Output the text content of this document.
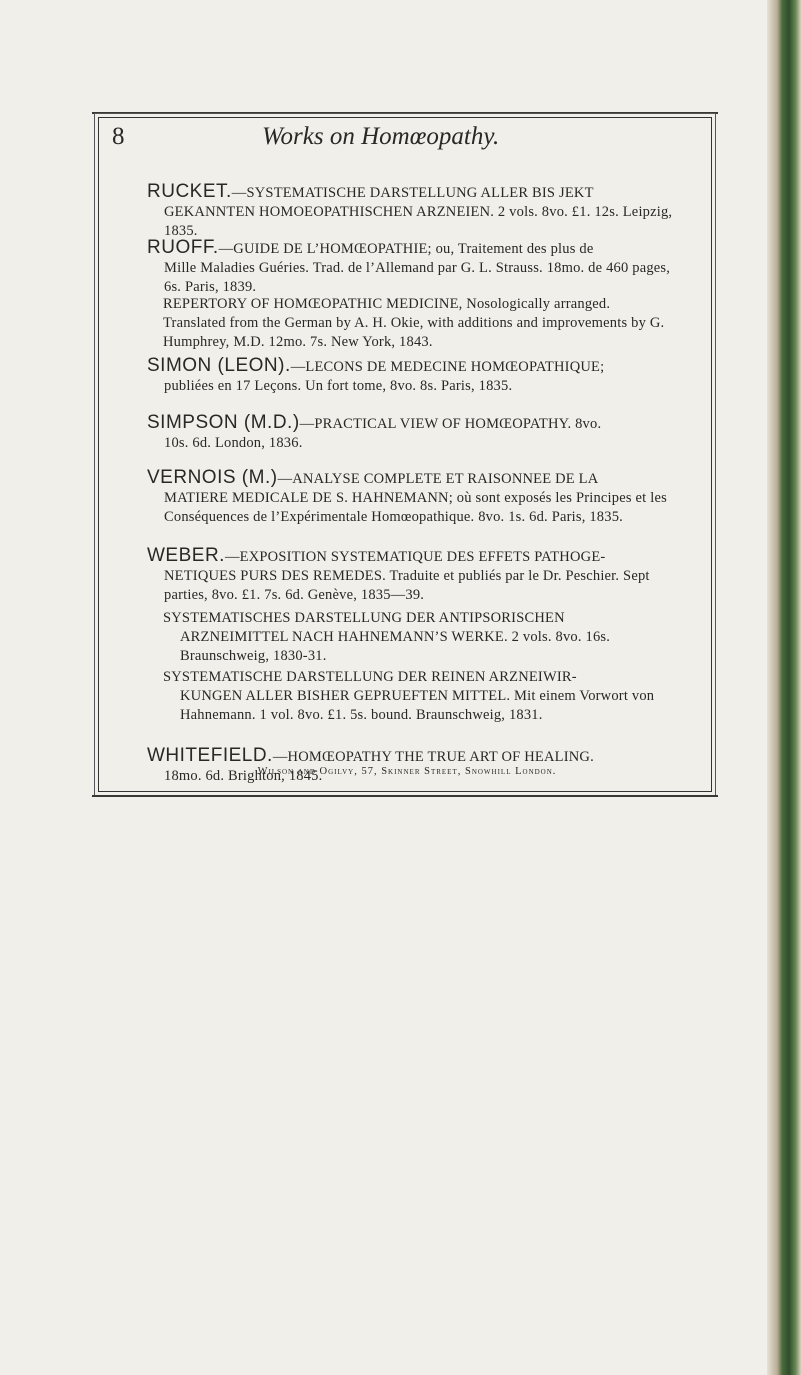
8	Works on Homœopathy.
RUCKET.—SYSTEMATISCHE DARSTELLUNG ALLER BIS JEKT
GEKANNTEN HOMOEOPATHISCHEN ARZNEIEN. 2 vols. 8vo. £1. 12s. Leipzig, 1835.
RUOFF.—GUIDE DE L’HOMŒOPATHIE; ou, Traitement des plus de
Mille Maladies Guéries. Trad. de l’Allemand par G. L. Strauss. 18mo. de 460 pages, 6s. Paris, 1839.
REPERTORY OF HOMŒOPATHIC MEDICINE, Nosologically arranged.
Translated from the German by A. H. Okie, with additions and improvements by G. Humphrey, M.D. 12mo. 7s. New York, 1843.
SIMON (LEON).—LECONS DE MEDECINE HOMŒOPATHIQUE;
publiées en 17 Leçons. Un fort tome, 8vo. 8s. Paris, 1835.
SIMPSON (M.D.)—PRACTICAL VIEW OF HOMŒOPATHY. 8vo.
10s. 6d. London, 1836.
VERNOIS (M.)—ANALYSE COMPLETE ET RAISONNEE DE LA
MATIERE MEDICALE DE S. HAHNEMANN; où sont exposés les Principes et les Conséquences de l’Expérimentale Homœopathique. 8vo. 1s. 6d. Paris, 1835.
WEBER.—EXPOSITION SYSTEMATIQUE DES EFFETS PATHOGE-
NETIQUES PURS DES REMEDES. Traduite et publiés par le Dr. Peschier. Sept parties, 8vo. £1. 7s. 6d. Genève, 1835—39.
SYSTEMATISCHES DARSTELLUNG DER ANTIPSORISCHEN
ARZNEIMITTEL NACH HAHNEMANN’S WERKE. 2 vols. 8vo. 16s. Braunschweig, 1830-31.
SYSTEMATISCHE DARSTELLUNG DER REINEN ARZNEIWIR-
KUNGEN ALLER BISHER GEPRUEFTEN MITTEL. Mit einem Vorwort von Hahnemann. 1 vol. 8vo. £1. 5s. bound. Braunschweig, 1831.
WHITEFIELD.—HOMŒOPATHY THE TRUE ART OF HEALING.
18mo. 6d. Brighton, 1845.
Wilson and Ogilvy, 57, Skinner Street, Snowhill London.
